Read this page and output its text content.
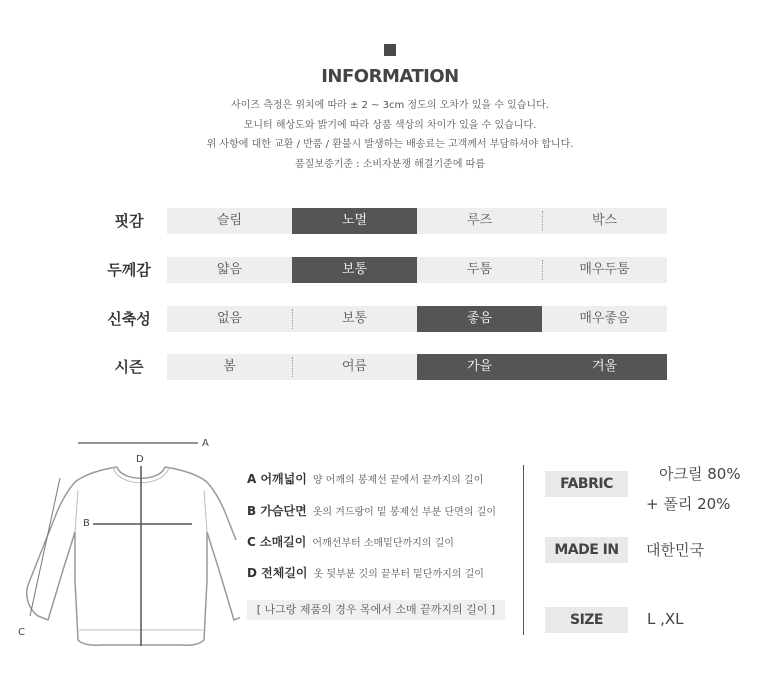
INFORMATION
사이즈 측정은 위치에 따라 ± 2 ~ 3cm 정도의 오차가 있을 수 있습니다.
모니터 해상도와 밝기에 따라 상품 색상의 차이가 있을 수 있습니다.
위 사항에 대한 교환 / 반품 / 환불시 발생하는 배송료는 고객께서 부담하셔야 합니다.
품질보증기준 : 소비자분쟁 해결기준에 따름
핏감	슬림	노멀	루즈	박스
두께감	얇음	보통	두툼	매우두툼
신축성	없음	보통	좋음	매우좋음
시즌	봄	여름	가을	겨울
A
D
B
C
A 어깨넓이 양 어깨의 봉제선 끝에서 끝까지의 길이
B 가슴단면 옷의 겨드랑이 밑 봉제선 부분 단면의 길이
C 소매길이 어깨선부터 소매밑단까지의 길이
D 전체길이 옷 뒷부분 깃의 끝부터 밑단까지의 길이
[ 나그랑 제품의 경우 목에서 소매 끝까지의 길이 ]
FABRIC
아크릴 80%
+ 폴리 20%
MADE IN	대한민국
SIZE	L ,XL
